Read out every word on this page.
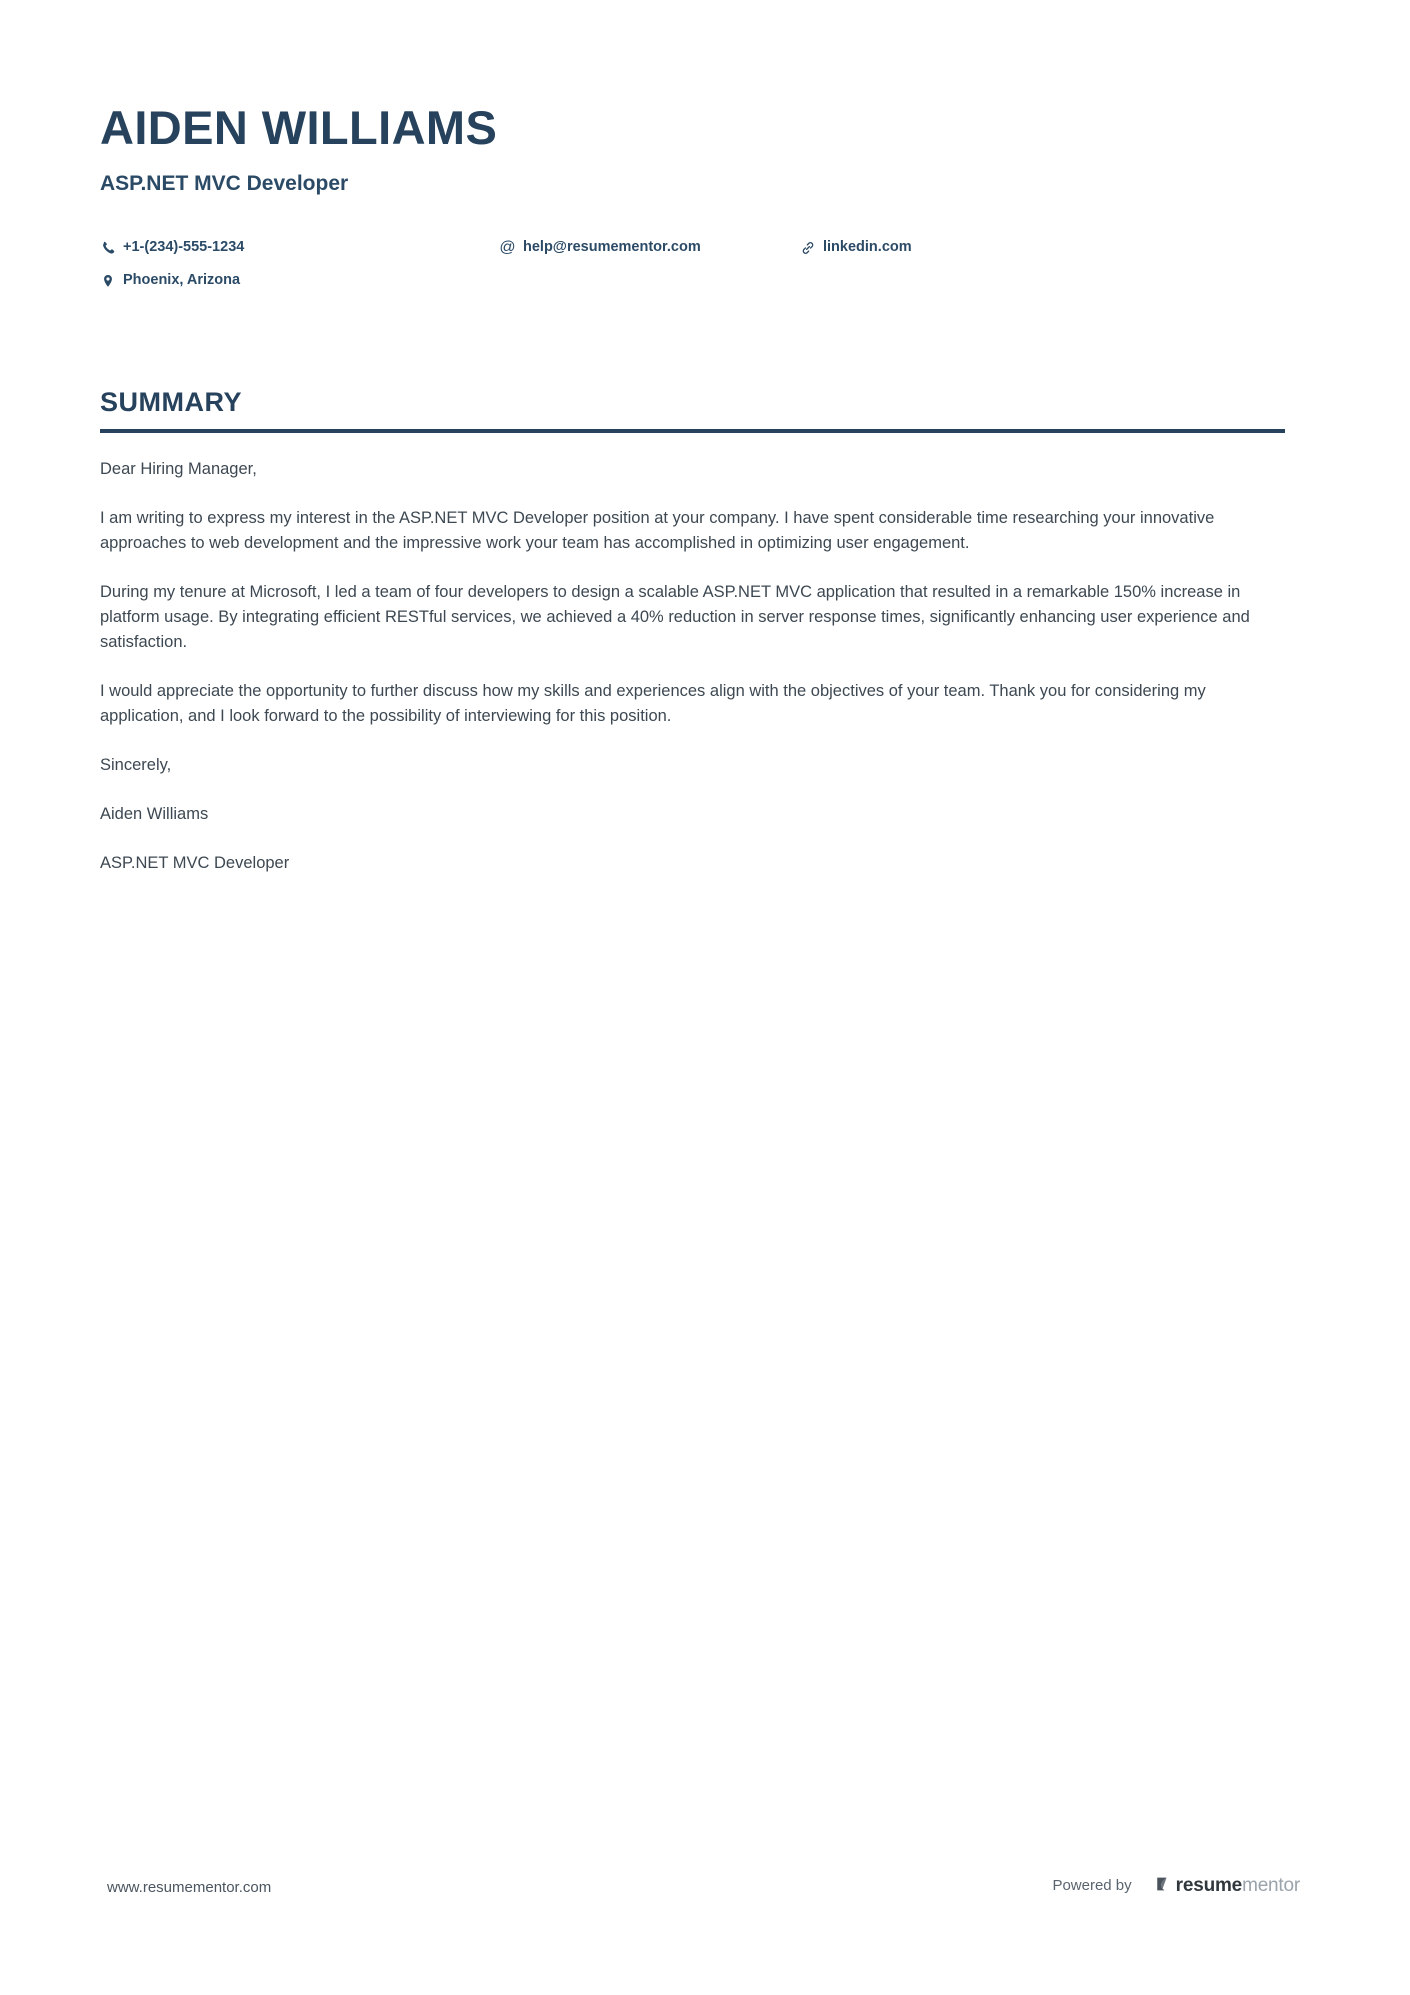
AIDEN WILLIAMS
ASP.NET MVC Developer
+1-(234)-555-1234	@ help@resumementor.com	linkedin.com
Phoenix, Arizona
SUMMARY

Dear Hiring Manager,

I am writing to express my interest in the ASP.NET MVC Developer position at your company. I have spent considerable time researching your innovative approaches to web development and the impressive work your team has accomplished in optimizing user engagement.

During my tenure at Microsoft, I led a team of four developers to design a scalable ASP.NET MVC application that resulted in a remarkable 150% increase in platform usage. By integrating efficient RESTful services, we achieved a 40% reduction in server response times, significantly enhancing user experience and satisfaction.

I would appreciate the opportunity to further discuss how my skills and experiences align with the objectives of your team. Thank you for considering my application, and I look forward to the possibility of interviewing for this position.

Sincerely,

Aiden Williams

ASP.NET MVC Developer

www.resumementor.com	Powered by resumementor
